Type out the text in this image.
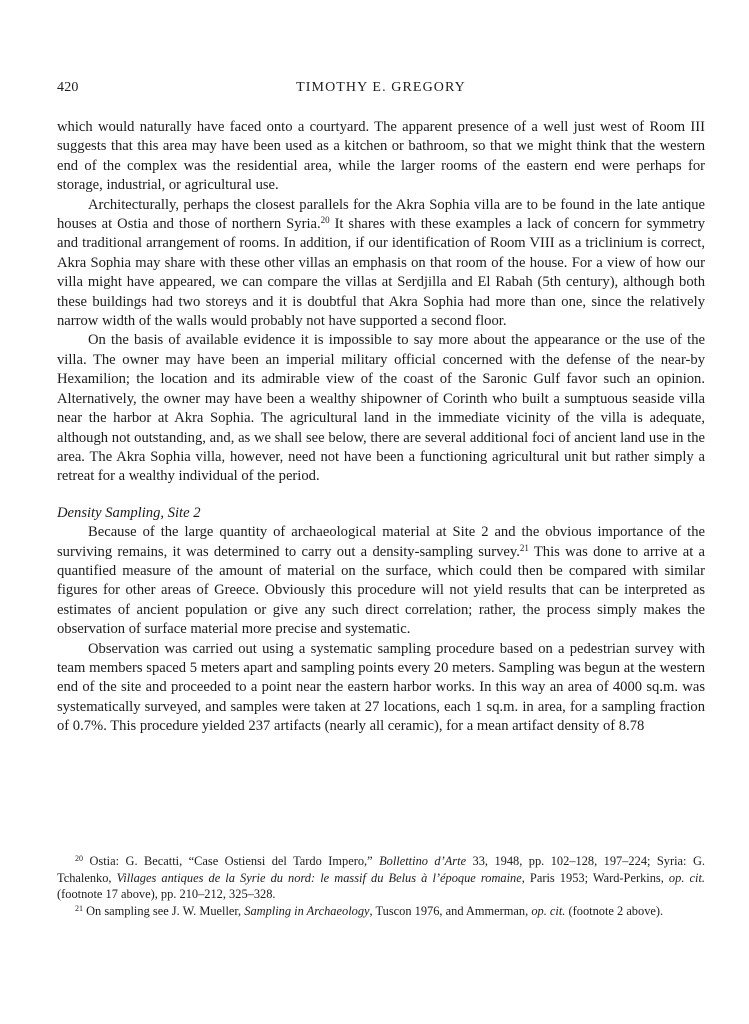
420	TIMOTHY E. GREGORY

which would naturally have faced onto a courtyard. The apparent presence of a well just west of Room III suggests that this area may have been used as a kitchen or bathroom, so that we might think that the western end of the complex was the residential area, while the larger rooms of the eastern end were perhaps for storage, industrial, or agricultural use.

Architecturally, perhaps the closest parallels for the Akra Sophia villa are to be found in the late antique houses at Ostia and those of northern Syria.$^{20}$ It shares with these examples a lack of concern for symmetry and traditional arrangement of rooms. In addition, if our identification of Room VIII as a triclinium is correct, Akra Sophia may share with these other villas an emphasis on that room of the house. For a view of how our villa might have appeared, we can compare the villas at Serdjilla and El Rabah (5th century), although both these buildings had two storeys and it is doubtful that Akra Sophia had more than one, since the relatively narrow width of the walls would probably not have supported a second floor.

On the basis of available evidence it is impossible to say more about the appearance or the use of the villa. The owner may have been an imperial military official concerned with the defense of the near-by Hexamilion; the location and its admirable view of the coast of the Saronic Gulf favor such an opinion. Alternatively, the owner may have been a wealthy shipowner of Corinth who built a sumptuous seaside villa near the harbor at Akra Sophia. The agricultural land in the immediate vicinity of the villa is adequate, although not outstanding, and, as we shall see below, there are several additional foci of ancient land use in the area. The Akra Sophia villa, however, need not have been a functioning agricultural unit but rather simply a retreat for a wealthy individual of the period.

Density Sampling, Site 2

Because of the large quantity of archaeological material at Site 2 and the obvious importance of the surviving remains, it was determined to carry out a density-sampling survey.$^{21}$ This was done to arrive at a quantified measure of the amount of material on the surface, which could then be compared with similar figures for other areas of Greece. Obviously this procedure will not yield results that can be interpreted as estimates of ancient population or give any such direct correlation; rather, the process simply makes the observation of surface material more precise and systematic.

Observation was carried out using a systematic sampling procedure based on a pedestrian survey with team members spaced 5 meters apart and sampling points every 20 meters. Sampling was begun at the western end of the site and proceeded to a point near the eastern harbor works. In this way an area of 4000 sq.m. was systematically surveyed, and samples were taken at 27 locations, each 1 sq.m. in area, for a sampling fraction of 0.7%. This procedure yielded 237 artifacts (nearly all ceramic), for a mean artifact density of 8.78

$^{20}$ Ostia: G. Becatti, “Case Ostiensi del Tardo Impero,” Bollettino d’Arte 33, 1948, pp. 102–128, 197–224; Syria: G. Tchalenko, Villages antiques de la Syrie du nord: le massif du Belus à l’époque romaine, Paris 1953; Ward-Perkins, op. cit. (footnote 17 above), pp. 210–212, 325–328.

$^{21}$ On sampling see J. W. Mueller, Sampling in Archaeology, Tuscon 1976, and Ammerman, op. cit. (footnote 2 above).
